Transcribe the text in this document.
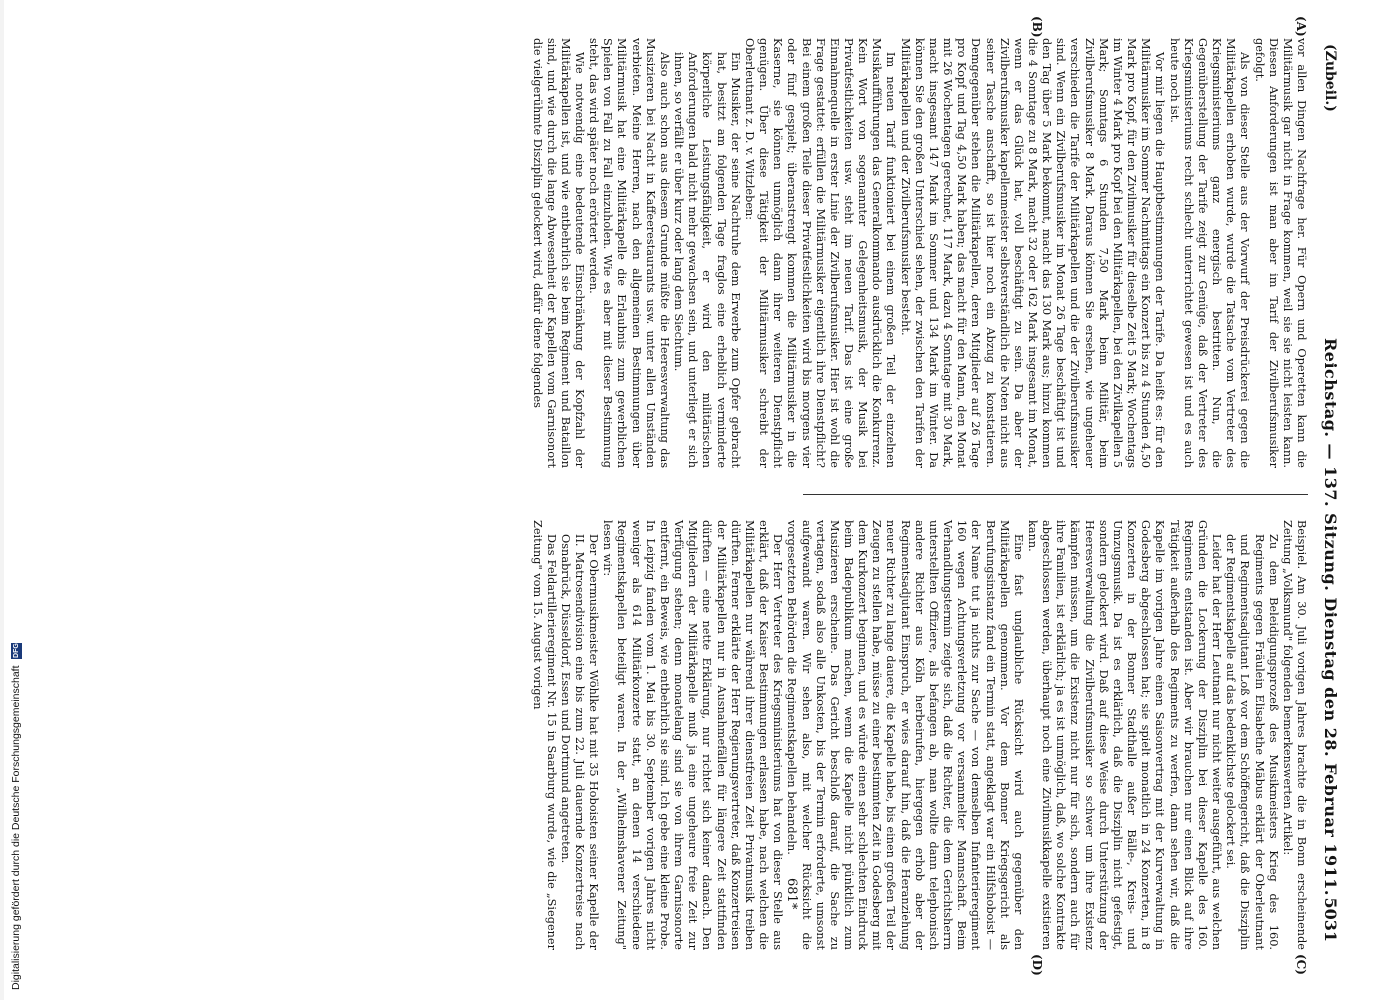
(Zubeil.)
Reichstag. — 137. Sitzung. Dienstag den 28. Februar 1911.
5031
(A)
(B)
(C)
(D)

vor allen Dingen Nachfrage her. Für Opern und Operetten kann die Militärmusik gar nicht in Frage kommen, weil sie sie nicht leisten kann. Diesen Anforderungen ist man aber im Tarif der Zivilberufsmusiker gefolgt.

Als von dieser Stelle aus der Vorwurf der Preisdrückerei gegen die Militärkapellen erhoben wurde, wurde die Tatsache vom Vertreter des Kriegsministeriums ganz energisch bestritten. Nun, die Gegenüberstellung der Tarife zeigt zur Genüge, daß der Vertreter des Kriegsministeriums recht schlecht unterrichtet gewesen ist und es auch heute noch ist.

Vor mir liegen die Hauptbestimmungen der Tarife. Da heißt es: für den Militärmusiker im Sommer Nachmittags ein Konzert bis zu 4 Stunden 4,50 Mark pro Kopf, für den Zivilmusiker für dieselbe Zeit 5 Mark; Wochentags im Winter 4 Mark pro Kopf bei den Militärkapellen, bei den Zivilkapellen 5 Mark; Sonntags 6 Stunden 7,50 Mark beim Militär, beim Zivilberufsmusiker 8 Mark. Daraus können Sie ersehen, wie ungeheuer verschieden die Tarife der Militärkapellen und die der Zivilberufsmusiker sind. Wenn ein Zivilberufsmusiker im Monat 26 Tage beschäftigt ist und den Tag über 5 Mark bekommt, macht das 130 Mark aus; hinzu kommen die 4 Sonntage zu 8 Mark, macht 32 oder 162 Mark insgesamt im Monat, wenn er das Glück hat, voll beschäftigt zu sein. Da aber der Zivilberufsmusiker kapellenmeister selbstverständlich die Noten nicht aus seiner Tasche anschafft, so ist hier noch ein Abzug zu konstatieren. Demgegenüber stehen die Militärkapellen, deren Mitglieder auf 26 Tage pro Kopf und Tag 4,50 Mark haben; das macht für den Mann, den Monat mit 26 Wochentagen gerechnet, 117 Mark, dazu 4 Sonntage mit 30 Mark, macht insgesamt 147 Mark im Sommer und 134 Mark im Winter. Da können Sie den großen Unterschied sehen, der zwischen den Tarifen der Militärkapellen und der Zivilberufsmusiker besteht.

Im neuen Tarif funktioniert bei einem großen Teil der einzelnen Musikaufführungen das Generalkommando ausdrücklich die Konkurrenz. Kein Wort von sogenannter Gelegenheitsmusik, der Musik bei Privatfestlichkeiten usw. steht im neuen Tarif. Das ist eine große Einnahmequelle in erster Linie der Zivilberufsmusiker. Hier ist wohl die Frage gestattet: erfüllen die Militärmusiker eigentlich ihre Dienstpflicht? Bei einem großen Teile dieser Privatfestlichkeiten wird bis morgens vier oder fünf gespielt; überanstrengt kommen die Militärmusiker in die Kaserne, sie können unmöglich dann ihrer weiteren Dienstpflicht genügen. Über diese Tätigkeit der Militärmusiker schreibt der Oberleutnant z. D. v. Witzleben:

Ein Musiker, der seine Nachtruhe dem Erwerbe zum Opfer gebracht hat, besitzt am folgenden Tage fraglos eine erheblich verminderte körperliche Leistungsfähigkeit, er wird den militärischen Anforderungen bald nicht mehr gewachsen sein, und unterliegt er sich ihnen, so verfällt er über kurz oder lang dem Siechtum.

Also auch schon aus diesem Grunde müßte die Heeresverwaltung das Musizieren bei Nacht in Kaffeerestaurants usw. unter allen Umständen verbieten. Meine Herren, nach den allgemeinen Bestimmungen über Militärmusik hat eine Militärkapelle die Erlaubnis zum gewerblichen Spielen von Fall zu Fall einzuholen. Wie es aber mit dieser Bestimmung steht, das wird später noch erörtert werden.

Wie notwendig eine bedeutende Einschränkung der Kopfzahl der Militärkapellen ist, und wie entbehrlich sie beim Regiment und Bataillon sind, und wie durch die lange Abwesenheit der Kapellen vom Garnisonort die vielgerühmte Disziplin gelockert wird, dafür diene folgendes

Beispiel. Am 30. Juli vorigen Jahres brachte die in Bonn erscheinende Zeitung „Volksmund" folgenden bemerkenswerten Artikel:

Zu dem Beleidigungsprozeß des Musikmeisters Krieg des 160. Regiments gegen Fräulein Elisabethe Mäbus erklärt der Oberleutnant und Regimentsadjutant Loß vor dem Schöffengericht, daß die Disziplin der Regimentskapelle auf das bedenklichste gelockert sei.

Leider hat der Herr Leutnant nur nicht weiter ausgeführt, aus welchen Gründen die Lockerung der Disziplin bei dieser Kapelle des 160. Regiments entstanden ist. Aber wir brauchen nur einen Blick auf ihre Tätigkeit außerhalb des Regiments zu werfen, dann sehen wir, daß die Kapelle im vorigen Jahre einen Saisonvertrag mit der Kurverwaltung in Godesberg abgeschlossen hat; sie spielt monatlich in 24 Konzerten, in 8 Konzerten in der Bonner Stadthalle außer Bälle-, Kreis- und Umzugsmusik. Da ist es erklärlich, daß die Disziplin nicht gefestigt, sondern gelockert wird. Daß auf diese Weise durch Unterstützung der Heeresverwaltung die Zivilberufsmusiker so schwer um ihre Existenz kämpfen müssen, um die Existenz nicht nur für sich, sondern auch für ihre Familien, ist erklärlich; ja es ist unmöglich, daß, wo solche Kontrakte abgeschlossen werden, überhaupt noch eine Zivilmusikkapelle existieren kann.

Eine fast unglaubliche Rücksicht wird auch gegenüber den Militärkapellen genommen. Vor dem Bonner Kriegsgericht als Berufungsinstanz fand ein Termin statt, angeklagt war ein Hilfshoboist — der Name tut ja nichts zur Sache — von demselben Infanterieregiment 160 wegen Achtungsverletzung vor versammelter Mannschaft. Beim Verhandlungstermin zeigte sich, daß die Richter, die dem Gerichtsherrn unterstellten Offiziere, als befangen ab, man wollte dann telephonisch andere Richter aus Köln herbeirufen, hiergegen erhob aber der Regimentsadjutant Einspruch, er wies darauf hin, daß die Heranziehung neuer Richter zu lange dauere, die Kapelle habe, bis einen großen Teil der Zeugen zu stellen habe, müsse zu einer bestimmten Zeit in Godesberg mit dem Kurkonzert beginnen, und es würde einen sehr schlechten Eindruck beim Badepublikum machen, wenn die Kapelle nicht pünktlich zum Musizieren erscheine. Das Gericht beschloß darauf, die Sache zu vertagen, sodaß also alle Unkosten, bis der Termin erforderte, umsonst aufgewandt waren. Wir sehen also, mit welcher Rücksicht die vorgesetzten Behörden die Regimentskapellen behandeln.

Der Herr Vertreter des Kriegsministeriums hat von dieser Stelle aus erklärt, daß der Kaiser Bestimmungen erlassen habe, nach welchen die Militärkapellen nur während ihrer dienstfreien Zeit Privatmusik treiben dürften. Ferner erklärte der Herr Regierungsvertreter, daß Konzertreisen der Militärkapellen nur in Ausnahmefällen für längere Zeit stattfinden dürften — eine nette Erklärung, nur richtet sich keiner danach. Den Mitgliedern der Militärkapelle muß ja eine ungeheure freie Zeit zur Verfügung stehen; denn monatelang sind sie von ihrem Garnisonorte entfernt, ein Beweis, wie entbehrlich sie sind. Ich gebe eine kleine Probe. In Leipzig fanden vom 1. Mai bis 30. September vorigen Jahres nicht weniger als 614 Militärkonzerte statt, an denen 14 verschiedene Regimentskapellen beteiligt waren. In der „Wilhelmshavener Zeitung" lesen wir:

Der Obermusikmeister Wöhlke hat mit 35 Hoboisten seiner Kapelle der II. Matrosendivision eine bis zum 22. Juli dauernde Konzertreise nach Osnabrück, Düsseldorf, Essen und Dortmund angetreten.

Das Feldartillerieregiment Nr. 15 in Saarburg wurde, wie die „Siegener Zeitung" vom 15. August vorigen

681*
Digitalisierung gefördert durch die Deutsche Forschungsgemeinschaft DFG
